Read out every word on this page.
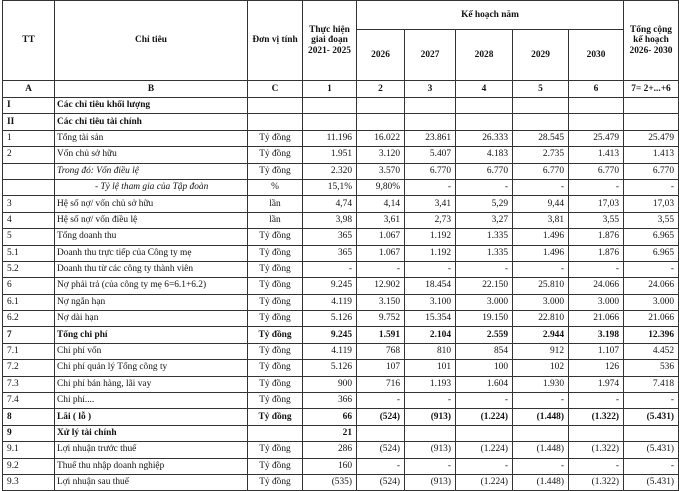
TT	Chỉ tiêu	Đơn vị tính	Thực hiện giai đoạn 2021- 2025	Kế hoạch năm					Tổng cộng kế hoạch 2026- 2030
				2026	2027	2028	2029	2030	
A	B	C	1	2	3	4	5	6	7= 2+...+6
I	Các chỉ tiêu khối lượng								
II	Các chỉ tiêu tài chính								
1	Tổng tài sản	Tỷ đồng	11.196	16.022	23.861	26.333	28.545	25.479	25.479
2	Vốn chủ sở hữu	Tỷ đồng	1.951	3.120	5.407	4.183	2.735	1.413	1.413
	Trong đó: Vốn điều lệ	Tỷ đồng	2.320	3.570	6.770	6.770	6.770	6.770	6.770
	- Tỷ lệ tham gia của Tập đoàn	%	15,1%	9,80%	-	-	-	-	-
3	Hệ số nợ/ vốn chủ sở hữu	lần	4,74	4,14	3,41	5,29	9,44	17,03	17,03
4	Hệ số nợ/ vốn điều lệ	lần	3,98	3,61	2,73	3,27	3,81	3,55	3,55
5	Tổng doanh thu	Tỷ đồng	365	1.067	1.192	1.335	1.496	1.876	6.965
5.1	Doanh thu trực tiếp của Công ty mẹ	Tỷ đồng	365	1.067	1.192	1.335	1.496	1.876	6.965
5.2	Doanh thu từ các công ty thành viên	Tỷ đồng	-	-	-	-	-	-	-
6	Nợ phải trả (của công ty mẹ 6=6.1+6.2)	Tỷ đồng	9.245	12.902	18.454	22.150	25.810	24.066	24.066
6.1	Nợ ngắn hạn	Tỷ đồng	4.119	3.150	3.100	3.000	3.000	3.000	3.000
6.2	Nợ dài hạn	Tỷ đồng	5.126	9.752	15.354	19.150	22.810	21.066	21.066
7	Tổng chi phí	Tỷ đồng	9.245	1.591	2.104	2.559	2.944	3.198	12.396
7.1	Chi phí vốn	Tỷ đồng	4.119	768	810	854	912	1.107	4.452
7.2	Chi phí quản lý Tổng công ty	Tỷ đồng	5.126	107	101	100	102	126	536
7.3	Chi phí bán hàng, lãi vay	Tỷ đồng	900	716	1.193	1.604	1.930	1.974	7.418
7.4	Chi phí....	Tỷ đồng	366	-	-	-	-	-	-
8	Lãi ( lỗ )	Tỷ đồng	66	(524)	(913)	(1.224)	(1.448)	(1.322)	(5.431)
9	Xử lý tài chính		21						
9.1	Lợi nhuận trước thuế	Tỷ đồng	286	(524)	(913)	(1.224)	(1.448)	(1.322)	(5.431)
9.2	Thuế thu nhập doanh nghiệp	Tỷ đồng	160	-	-	-	-	-	-
9.3	Lợi nhuận sau thuế	Tỷ đồng	(535)	(524)	(913)	(1.224)	(1.448)	(1.322)	(5.431)
